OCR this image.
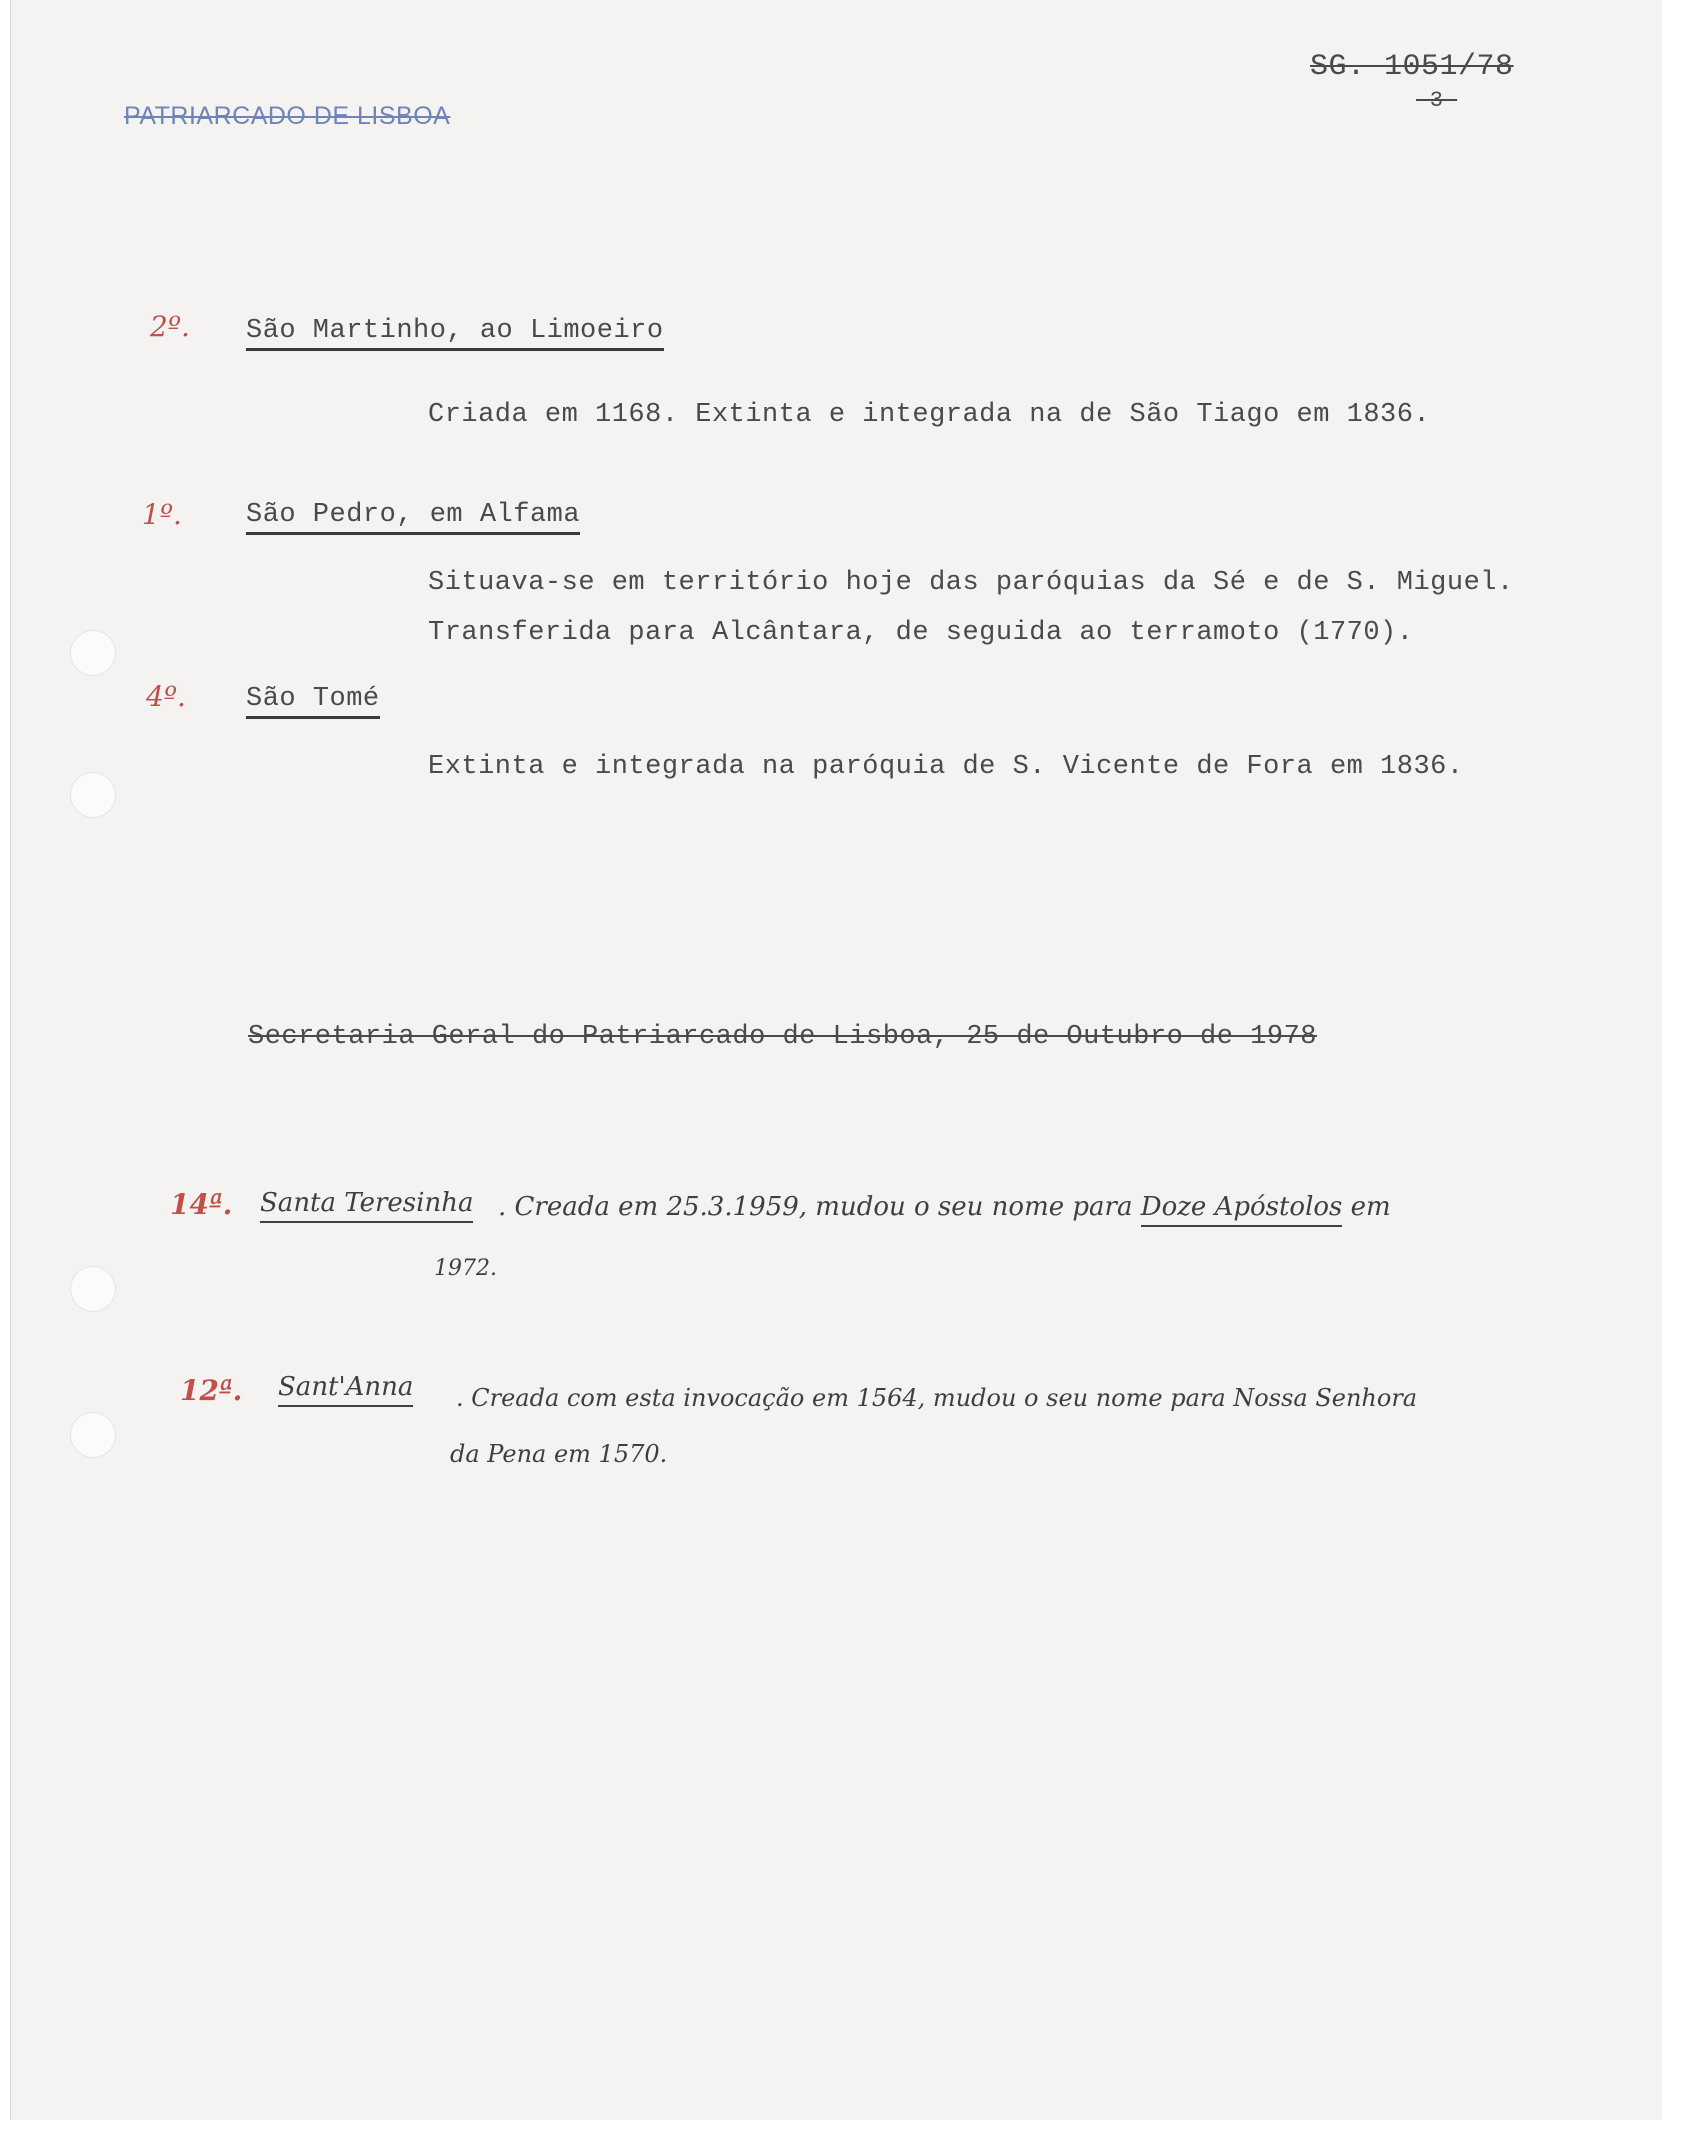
PATRIARCADO DE LISBOA
SG. 1051/78
-3-
2º. São Martinho, ao Limoeiro
Criada em 1168. Extinta e integrada na de São Tiago em 1836.
1º. São Pedro, em Alfama
Situava-se em território hoje das paróquias da Sé e de S. Miguel.
Transferida para Alcântara, de seguida ao terramoto (1770).
4º. São Tomé
Extinta e integrada na paróquia de S. Vicente de Fora em 1836.
Secretaria Geral do Patriarcado de Lisboa, 25 de Outubro de 1978
14ª. Santa Teresinha . Creada em 25.3.1959, mudou o seu nome para Doze Apóstolos em
1972.
12ª. Sant'Anna . Creada com esta invocação em 1564, mudou o seu nome para Nossa Senhora
da Pena em 1570.
